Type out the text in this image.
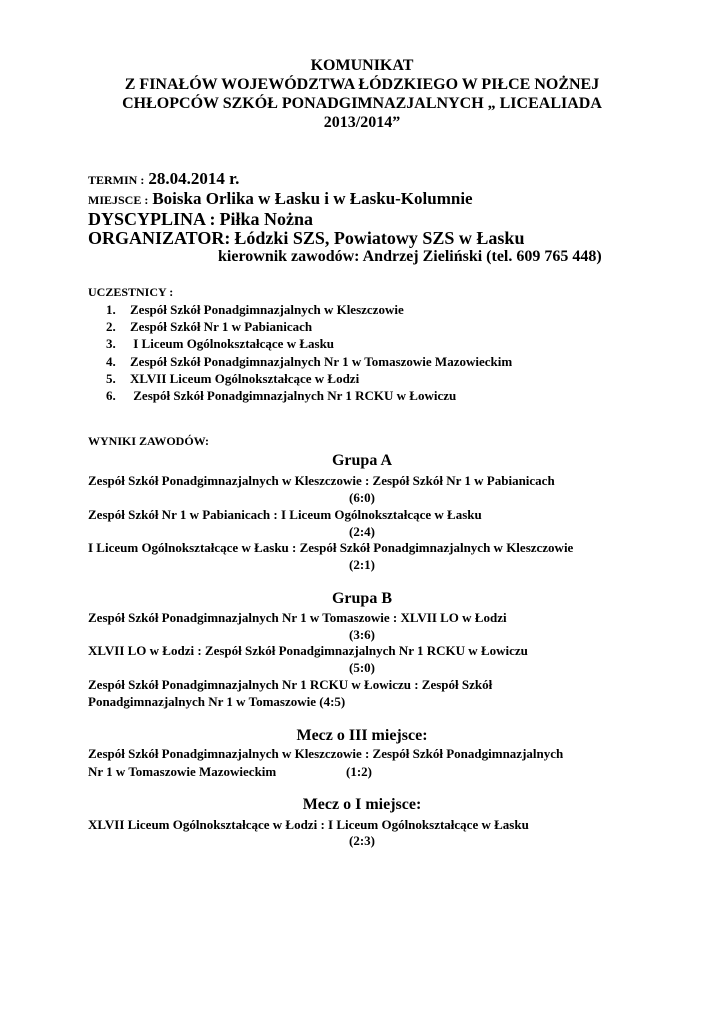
KOMUNIKAT
Z FINAŁÓW WOJEWÓDZTWA ŁÓDZKIEGO W PIŁCE NOŻNEJ
CHŁOPCÓW SZKÓŁ PONADGIMNAZJALNYCH „ LICEALIADA
2013/2014”
TERMIN : 28.04.2014 r.
MIEJSCE : Boiska Orlika w Łasku i w Łasku-Kolumnie
DYSCYPLINA : Piłka Nożna
ORGANIZATOR: Łódzki SZS, Powiatowy SZS w Łasku
kierownik zawodów: Andrzej Zieliński (tel. 609 765 448)
UCZESTNICY :
1. Zespół Szkół Ponadgimnazjalnych w Kleszczowie
2. Zespół Szkół Nr 1 w Pabianicach
3. I Liceum Ogólnokształcące w Łasku
4. Zespół Szkół Ponadgimnazjalnych Nr 1 w Tomaszowie Mazowieckim
5. XLVII Liceum Ogólnokształcące w Łodzi
6. Zespół Szkół Ponadgimnazjalnych Nr 1 RCKU w Łowiczu
WYNIKI ZAWODÓW:
Grupa A
Zespół Szkół Ponadgimnazjalnych w Kleszczowie : Zespół Szkół Nr 1 w Pabianicach
(6:0)
Zespół Szkół Nr 1 w Pabianicach : I Liceum Ogólnokształcące w Łasku
(2:4)
I Liceum Ogólnokształcące w Łasku : Zespół Szkół Ponadgimnazjalnych w Kleszczowie
(2:1)
Grupa B
Zespół Szkół Ponadgimnazjalnych Nr 1 w Tomaszowie : XLVII LO w Łodzi
(3:6)
XLVII LO w Łodzi : Zespół Szkół Ponadgimnazjalnych Nr 1 RCKU w Łowiczu
(5:0)
Zespół Szkół Ponadgimnazjalnych Nr 1 RCKU w Łowiczu : Zespół Szkół
Ponadgimnazjalnych Nr 1 w Tomaszowie (4:5)
Mecz o III miejsce:
Zespół Szkół Ponadgimnazjalnych w Kleszczowie : Zespół Szkół Ponadgimnazjalnych
Nr 1 w Tomaszowie Mazowieckim	(1:2)
Mecz o I miejsce:
XLVII Liceum Ogólnokształcące w Łodzi : I Liceum Ogólnokształcące w Łasku
(2:3)
